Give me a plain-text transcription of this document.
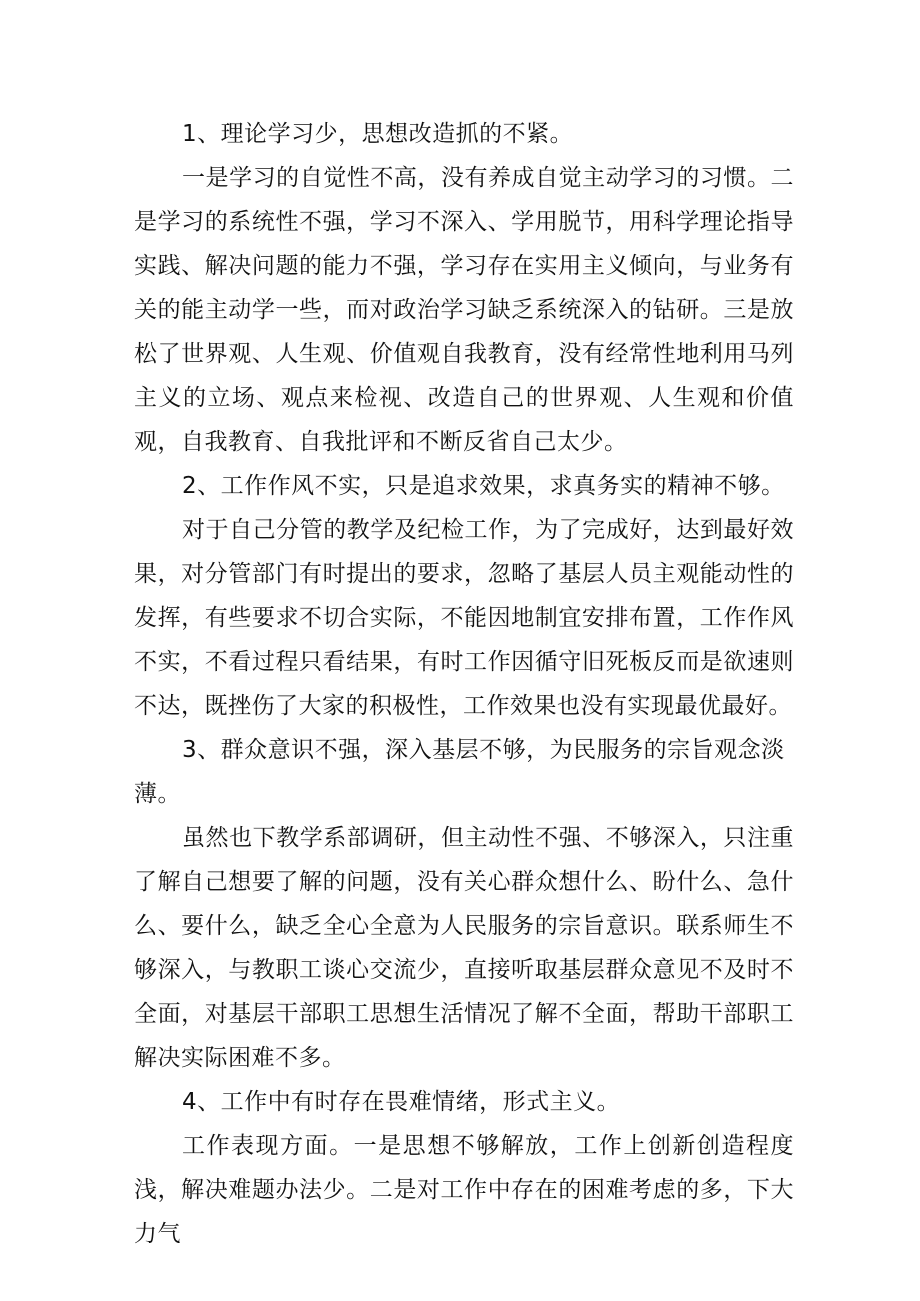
1、理论学习少，思想改造抓的不紧。

一是学习的自觉性不高，没有养成自觉主动学习的习惯。二是学习的系统性不强，学习不深入、学用脱节，用科学理论指导实践、解决问题的能力不强，学习存在实用主义倾向，与业务有关的能主动学一些，而对政治学习缺乏系统深入的钻研。三是放松了世界观、人生观、价值观自我教育，没有经常性地利用马列主义的立场、观点来检视、改造自己的世界观、人生观和价值观，自我教育、自我批评和不断反省自己太少。

2、工作作风不实，只是追求效果，求真务实的精神不够。

对于自己分管的教学及纪检工作，为了完成好，达到最好效果，对分管部门有时提出的要求，忽略了基层人员主观能动性的发挥，有些要求不切合实际，不能因地制宜安排布置，工作作风不实，不看过程只看结果，有时工作因循守旧死板反而是欲速则不达，既挫伤了大家的积极性，工作效果也没有实现最优最好。

3、群众意识不强，深入基层不够，为民服务的宗旨观念淡薄。

虽然也下教学系部调研，但主动性不强、不够深入，只注重了解自己想要了解的问题，没有关心群众想什么、盼什么、急什么、要什么，缺乏全心全意为人民服务的宗旨意识。联系师生不够深入，与教职工谈心交流少，直接听取基层群众意见不及时不全面，对基层干部职工思想生活情况了解不全面，帮助干部职工解决实际困难不多。

4、工作中有时存在畏难情绪，形式主义。

工作表现方面。一是思想不够解放，工作上创新创造程度浅，解决难题办法少。二是对工作中存在的困难考虑的多，下大力气
